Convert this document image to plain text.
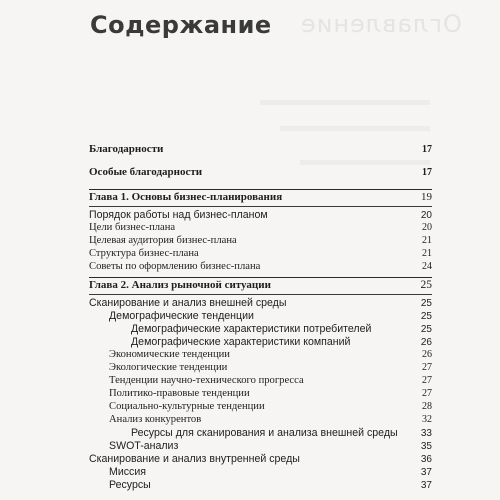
Оглавление
Содержание
Благодарности	17
Особые благодарности	17
Глава 1. Основы бизнес-планирования	19
Порядок работы над бизнес-планом	20
Цели бизнес-плана	20
Целевая аудитория бизнес-плана	21
Структура бизнес-плана	21
Советы по оформлению бизнес-плана	24
Глава 2. Анализ рыночной ситуации	25
Сканирование и анализ внешней среды	25
Демографические тенденции	25
Демографические характеристики потребителей	25
Демографические характеристики компаний	26
Экономические тенденции	26
Экологические тенденции	27
Тенденции научно-технического прогресса	27
Политико-правовые тенденции	27
Социально-культурные тенденции	28
Анализ конкурентов	32
Ресурсы для сканирования и анализа внешней среды 33
SWOT-анализ	35
Сканирование и анализ внутренней среды	36
Миссия	37
Ресурсы	37
